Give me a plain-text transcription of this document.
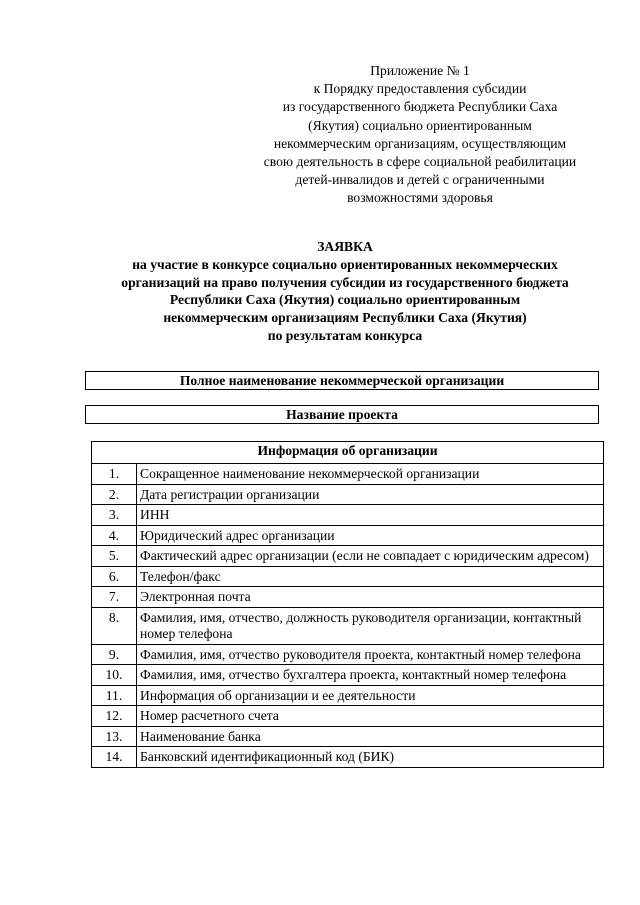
Приложение № 1
к Порядку предоставления субсидии
из государственного бюджета Республики Саха
(Якутия) социально ориентированным
некоммерческим организациям, осуществляющим
свою деятельность в сфере социальной реабилитации
детей-инвалидов и детей с ограниченными
возможностями здоровья
ЗАЯВКА
на участие в конкурсе социально ориентированных некоммерческих
организаций на право получения субсидии из государственного бюджета
Республики Саха (Якутия) социально ориентированным
некоммерческим организациям Республики Саха (Якутия)
по результатам конкурса
Полное наименование некоммерческой организации
Название проекта
Информация об организации	
1.	Сокращенное наименование некоммерческой организации
2.	Дата регистрации организации
3.	ИНН
4.	Юридический адрес организации
5.	Фактический адрес организации (если не совпадает с юридическим адресом)
6.	Телефон/факс
7.	Электронная почта
8.	Фамилия, имя, отчество, должность руководителя организации, контактный номер телефона
9.	Фамилия, имя, отчество руководителя проекта, контактный номер телефона
10.	Фамилия, имя, отчество бухгалтера проекта, контактный номер телефона
11.	Информация об организации и ее деятельности
12.	Номер расчетного счета
13.	Наименование банка
14.	Банковский идентификационный код (БИК)
